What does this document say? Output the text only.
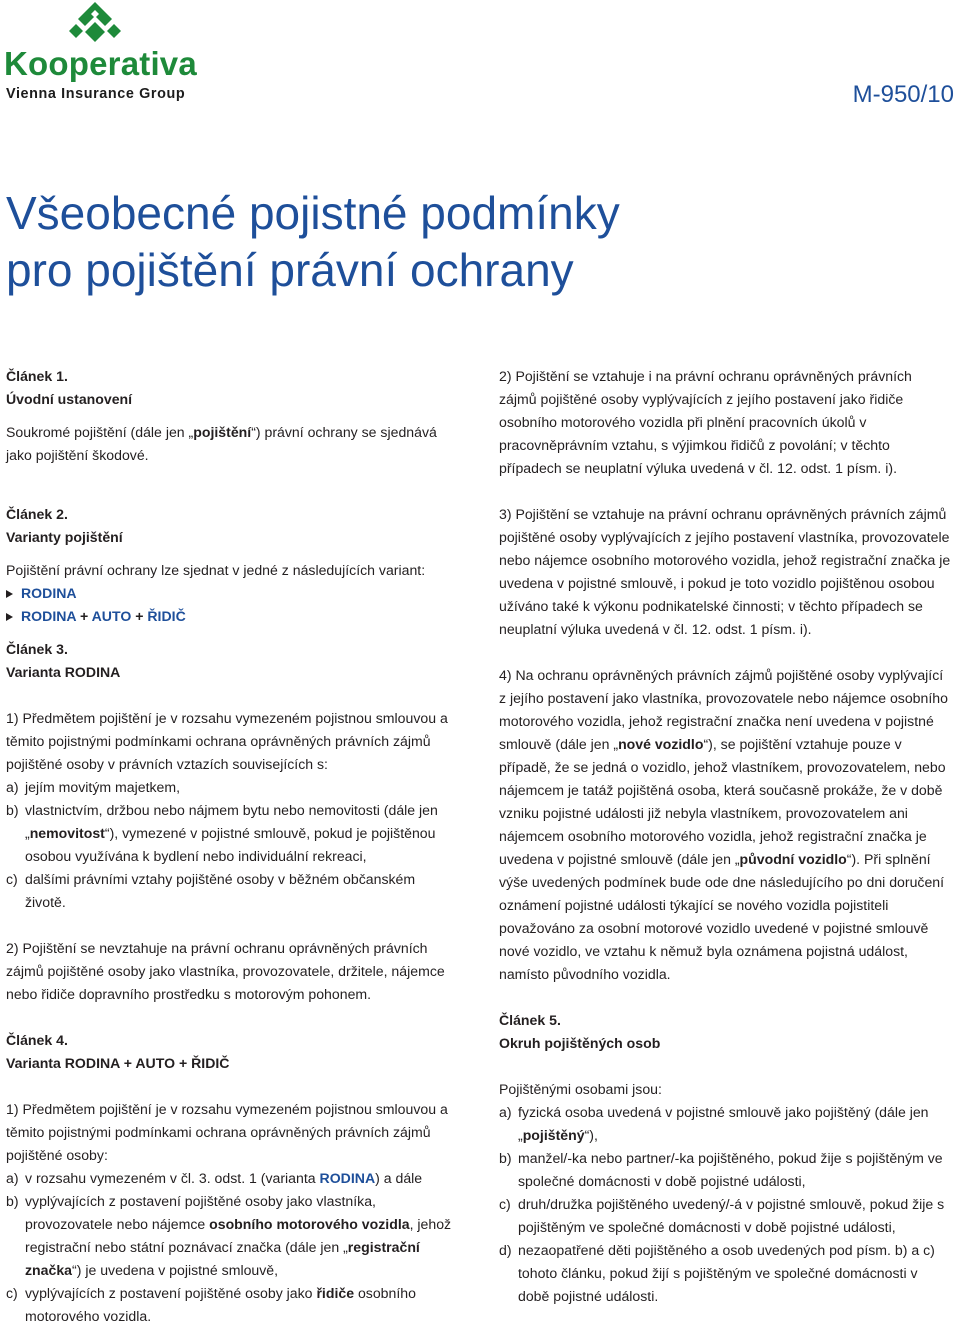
Kooperativa
Vienna Insurance Group	M-950/10
Všeobecné pojistné podmínky
pro pojištění právní ochrany

Článek 1.

Úvodní ustanovení

Soukromé pojištění (dále jen „pojištění“) právní ochrany se sjednává jako pojištění škodové.

Článek 2.

Varianty pojištění

Pojištění právní ochrany lze sjednat v jedné z následujících variant:

RODINA

RODINA + AUTO + ŘIDIČ

Článek 3.

Varianta RODINA

1) Předmětem pojištění je v rozsahu vymezeném pojistnou smlouvou a těmito pojistnými podmínkami ochrana oprávněných právních zájmů pojištěné osoby v právních vztazích souvisejících s:

a) jejím movitým majetkem,
b) vlastnictvím, držbou nebo nájmem bytu nebo nemovitosti (dále jen „nemovitost“), vymezené v pojistné smlouvě, pokud je pojištěnou osobou využívána k bydlení nebo individuální rekreaci,
c) dalšími právními vztahy pojištěné osoby v běžném občanském životě.

2) Pojištění se nevztahuje na právní ochranu oprávněných právních zájmů pojištěné osoby jako vlastníka, provozovatele, držitele, nájemce nebo řidiče dopravního prostředku s motorovým pohonem.

Článek 4.

Varianta RODINA + AUTO + ŘIDIČ

1) Předmětem pojištění je v rozsahu vymezeném pojistnou smlouvou a těmito pojistnými podmínkami ochrana oprávněných právních zájmů pojištěné osoby:

a) v rozsahu vymezeném v čl. 3. odst. 1 (varianta RODINA) a dále
b) vyplývajících z postavení pojištěné osoby jako vlastníka, provozovatele nebo nájemce osobního motorového vozidla, jehož registrační nebo státní poznávací značka (dále jen „registrační značka“) je uvedena v pojistné smlouvě,
c) vyplývajících z postavení pojištěné osoby jako řidiče osobního motorového vozidla.

2) Pojištění se vztahuje i na právní ochranu oprávněných právních zájmů pojištěné osoby vyplývajících z jejího postavení jako řidiče osobního motorového vozidla při plnění pracovních úkolů v pracovněprávním vztahu, s výjimkou řidičů z povolání; v těchto případech se neuplatní výluka uvedená v čl. 12. odst. 1 písm. i).

3) Pojištění se vztahuje na právní ochranu oprávněných právních zájmů pojištěné osoby vyplývajících z jejího postavení vlastníka, provozovatele nebo nájemce osobního motorového vozidla, jehož registrační značka je uvedena v pojistné smlouvě, i pokud je toto vozidlo pojištěnou osobou užíváno také k výkonu podnikatelské činnosti; v těchto případech se neuplatní výluka uvedená v čl. 12. odst. 1 písm. i).

4) Na ochranu oprávněných právních zájmů pojištěné osoby vyplývající z jejího postavení jako vlastníka, provozovatele nebo nájemce osobního motorového vozidla, jehož registrační značka není uvedena v pojistné smlouvě (dále jen „nové vozidlo“), se pojištění vztahuje pouze v případě, že se jedná o vozidlo, jehož vlastníkem, provozovatelem, nebo nájemcem je tatáž pojištěná osoba, která současně prokáže, že v době vzniku pojistné události již nebyla vlastníkem, provozovatelem ani nájemcem osobního motorového vozidla, jehož registrační značka je uvedena v pojistné smlouvě (dále jen „původní vozidlo“). Při splnění výše uvedených podmínek bude ode dne následujícího po dni doručení oznámení pojistné události týkající se nového vozidla pojistiteli považováno za osobní motorové vozidlo uvedené v pojistné smlouvě nové vozidlo, ve vztahu k němuž byla oznámena pojistná událost, namísto původního vozidla.

Článek 5.

Okruh pojištěných osob

Pojištěnými osobami jsou:

a) fyzická osoba uvedená v pojistné smlouvě jako pojištěný (dále jen „pojištěný“),
b) manžel/-ka nebo partner/-ka pojištěného, pokud žije s pojištěným ve společné domácnosti v době pojistné události,
c) druh/družka pojištěného uvedený/-á v pojistné smlouvě, pokud žije s pojištěným ve společné domácnosti v době pojistné události,
d) nezaopatřené děti pojištěného a osob uvedených pod písm. b) a c) tohoto článku, pokud žijí s pojištěným ve společné domácnosti v době pojistné události.
